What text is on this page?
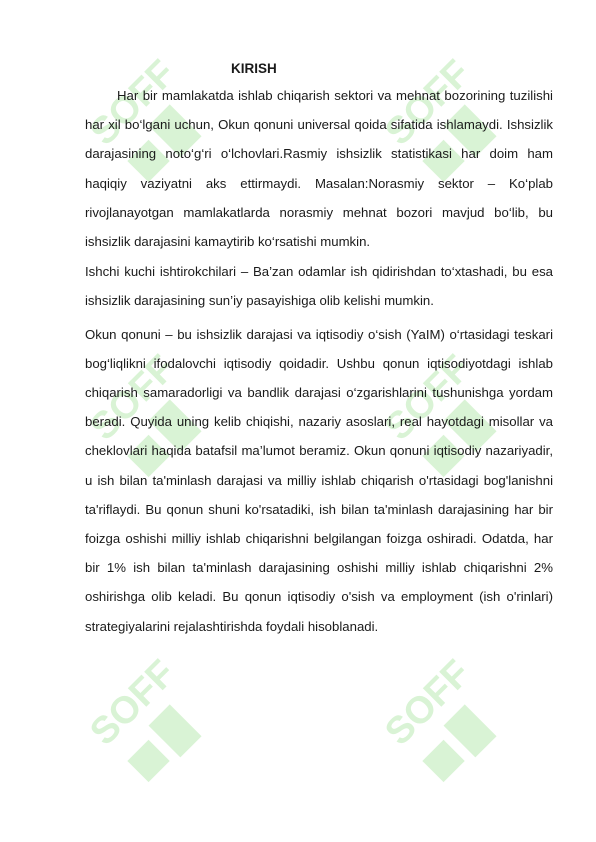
SOFF	SOFF
SOFF	SOFF
SOFF	SOFF
KIRISH

Har bir mamlakatda ishlab chiqarish sektori va mehnat bozorining tuzilishi har xil bo‘lgani uchun, Okun qonuni universal qoida sifatida ishlamaydi. Ishsizlik darajasining noto‘g‘ri o‘lchovlari.Rasmiy ishsizlik statistikasi har doim ham haqiqiy vaziyatni aks ettirmaydi. Masalan:Norasmiy sektor – Ko‘plab rivojlanayotgan mamlakatlarda norasmiy mehnat bozori mavjud bo‘lib, bu ishsizlik darajasini kamaytirib ko‘rsatishi mumkin.

Ishchi kuchi ishtirokchilari – Ba’zan odamlar ish qidirishdan to‘xtashadi, bu esa ishsizlik darajasining sun’iy pasayishiga olib kelishi mumkin.

Okun qonuni – bu ishsizlik darajasi va iqtisodiy o‘sish (YaIM) o‘rtasidagi teskari bog‘liqlikni ifodalovchi iqtisodiy qoidadir. Ushbu qonun iqtisodiyotdagi ishlab chiqarish samaradorligi va bandlik darajasi o‘zgarishlarini tushunishga yordam beradi. Quyida uning kelib chiqishi, nazariy asoslari, real hayotdagi misollar va cheklovlari haqida batafsil ma’lumot beramiz. Okun qonuni iqtisodiy nazariyadir, u ish bilan ta'minlash darajasi va milliy ishlab chiqarish o'rtasidagi bog'lanishni ta'riflaydi. Bu qonun shuni ko'rsatadiki, ish bilan ta'minlash darajasining har bir foizga oshishi milliy ishlab chiqarishni belgilangan foizga oshiradi. Odatda, har bir 1% ish bilan ta'minlash darajasining oshishi milliy ishlab chiqarishni 2% oshirishga olib keladi. Bu qonun iqtisodiy o'sish va employment (ish o'rinlari) strategiyalarini rejalashtirishda foydali hisoblanadi.
